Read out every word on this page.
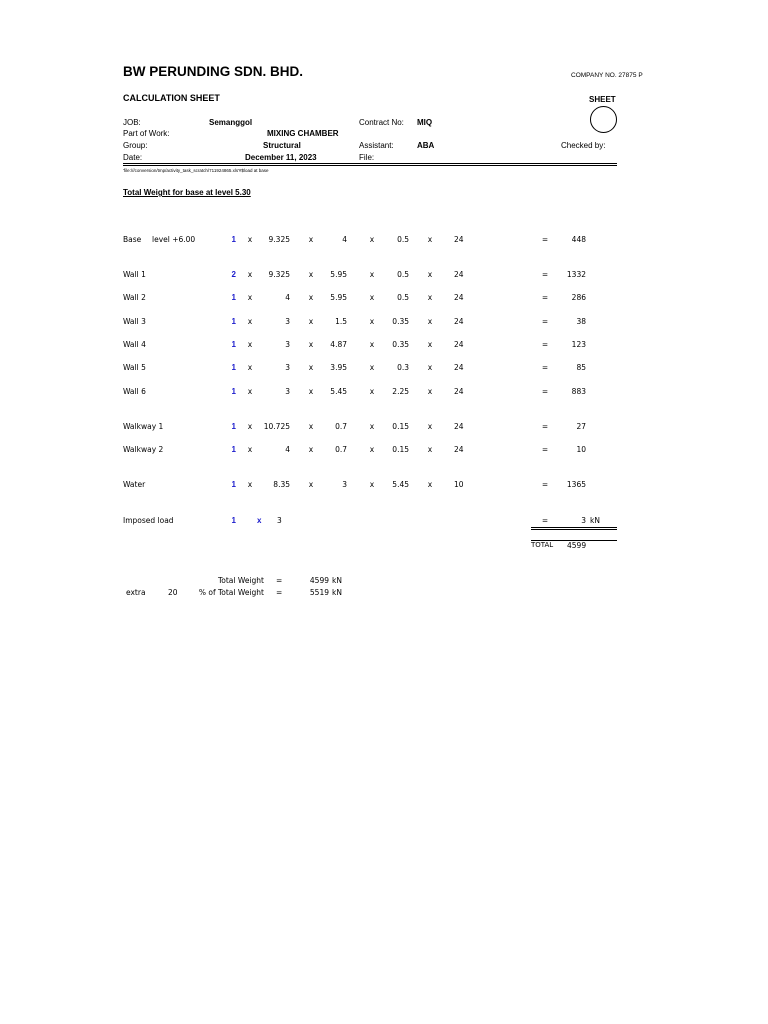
BW PERUNDING SDN. BHD.	COMPANY NO. 27875 P
CALCULATION SHEET	SHEET
JOB:	Semanggol	Contract No: MIQ
Part of Work:	MIXING CHAMBER
Group:	Structural	Assistant:	ABA	Checked by:
Date:	December 11, 2023	File:
'file:///conversion/tmp/activity_task_scratch/711924865.xls'#$load at base
Total Weight for base at level 5.30
Base level +6.00	1	x	9.325	x	4	x	0.5	x	24	=	448
Wall 1	2	x	9.325	x	5.95	x	0.5	x	24	=	1332
Wall 2	1	x	4	x	5.95	x	0.5	x	24	=	286
Wall 3	1	x	3	x	1.5	x	0.35	x	24	=	38
Wall 4	1	x	3	x	4.87	x	0.35	x	24	=	123
Wall 5	1	x	3	x	3.95	x	0.3	x	24	=	85
Wall 6	1	x	3	x	5.45	x	2.25	x	24	=	883
Walkway 1	1	x	10.725	x	0.7	x	0.15	x	24	=	27
Walkway 2	1	x	4	x	0.7	x	0.15	x	24	=	10
Water	1	x	8.35	x	3	x	5.45	x	10	=	1365
Imposed load	1	x 3	=	3 kN
TOTAL 4599
Total Weight =	4599 kN
extra	20	% of Total Weight =	5519 kN
